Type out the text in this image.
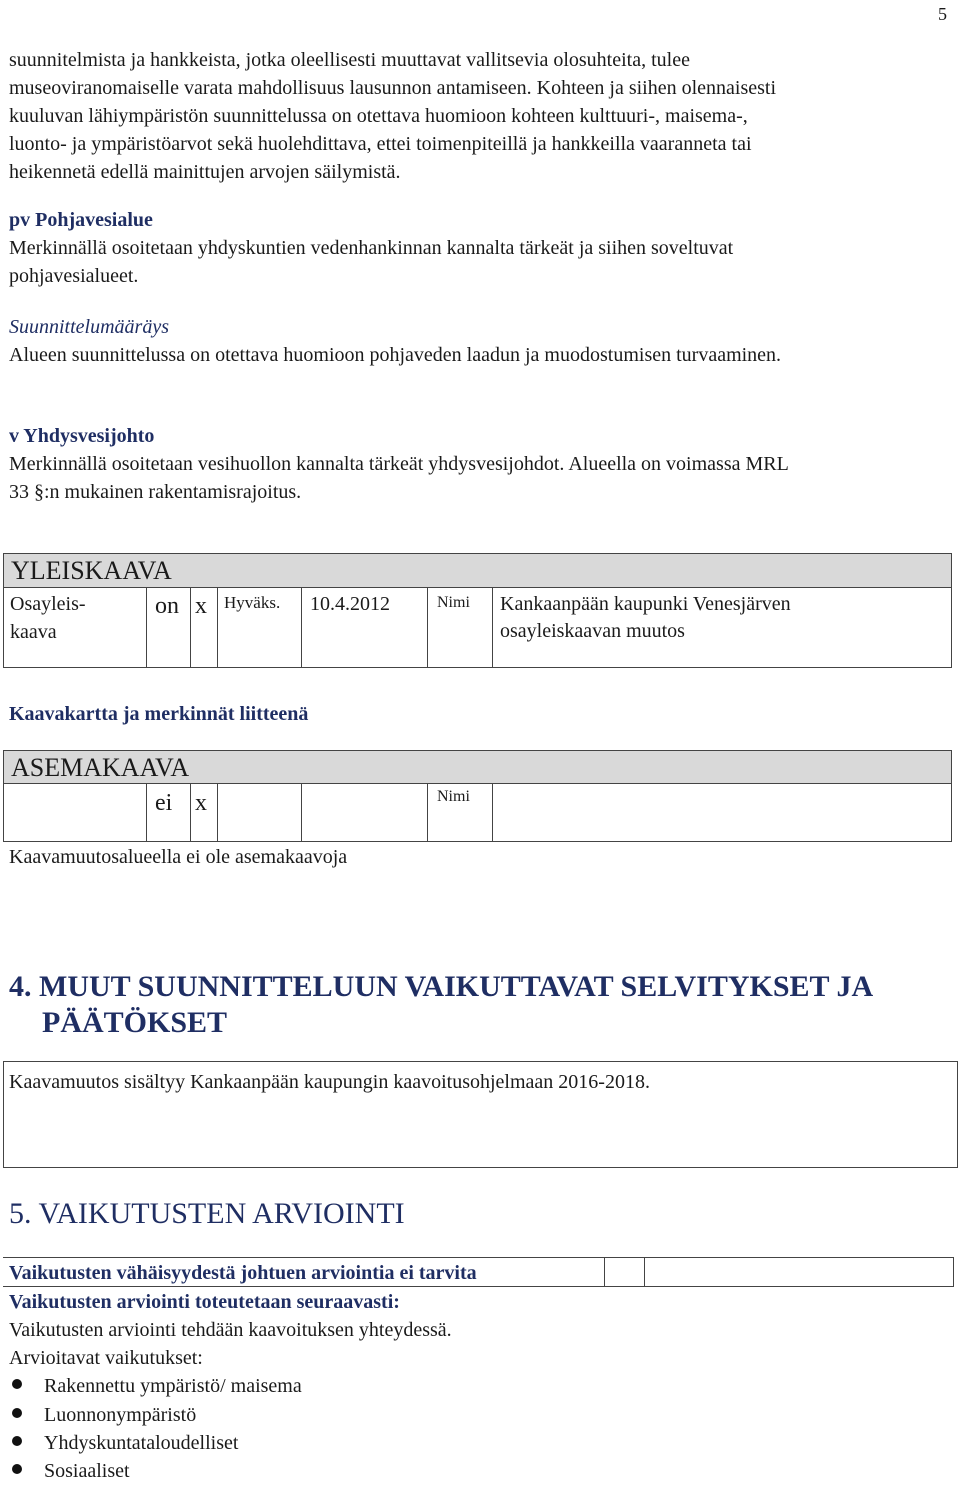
5
suunnitelmista ja hankkeista, jotka oleellisesti muuttavat vallitsevia olosuhteita, tulee
museoviranomaiselle varata mahdollisuus lausunnon antamiseen. Kohteen ja siihen olennaisesti
kuuluvan lähiympäristön suunnittelussa on otettava huomioon kohteen kulttuuri-, maisema-,
luonto- ja ympäristöarvot sekä huolehdittava, ettei toimenpiteillä ja hankkeilla vaaranneta tai
heikennetä edellä mainittujen arvojen säilymistä.
pv Pohjavesialue
Merkinnällä osoitetaan yhdyskuntien vedenhankinnan kannalta tärkeät ja siihen soveltuvat
pohjavesialueet.
Suunnittelumääräys
Alueen suunnittelussa on otettava huomioon pohjaveden laadun ja muodostumisen turvaaminen.
v Yhdysvesijohto
Merkinnällä osoitetaan vesihuollon kannalta tärkeät yhdysvesijohdot. Alueella on voimassa MRL
33 §:n mukainen rakentamisrajoitus.
YLEISKAAVA
Osayleis-
kaava
on x Hyväks. 10.4.2012	Nimi Kankaanpään kaupunki Venesjärven
osayleiskaavan muutos
Kaavakartta ja merkinnät liitteenä
ASEMAKAAVA
ei x	Nimi
Kaavamuutosalueella ei ole asemakaavoja
4. MUUT SUUNNITTELUUN VAIKUTTAVAT SELVITYKSET JA
PÄÄTÖKSET
Kaavamuutos sisältyy Kankaanpään kaupungin kaavoitusohjelmaan 2016-2018.
5. VAIKUTUSTEN ARVIOINTI
Vaikutusten vähäisyydestä johtuen arviointia ei tarvita
Vaikutusten arviointi toteutetaan seuraavasti:
Vaikutusten arviointi tehdään kaavoituksen yhteydessä.
Arvioitavat vaikutukset:
Rakennettu ympäristö/ maisema
Luonnonympäristö
Yhdyskuntataloudelliset
Sosiaaliset
